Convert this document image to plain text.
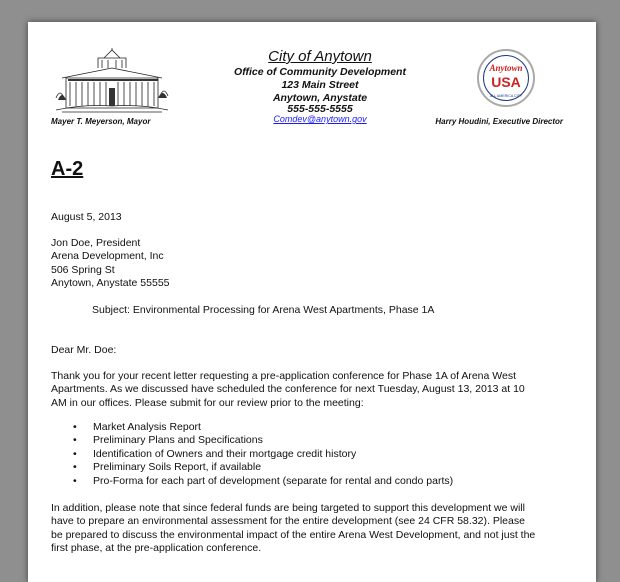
City of Anytown
Office of Community Development
123 Main Street
Anytown, Anystate
555-555-5555
Comdev@anytown.gov
Mayer T. Meyerson, Mayor	Harry Houdini, Executive Director
Anytown
USA
ALL AMERICA CITY
A-2
August 5, 2013
Jon Doe, President
Arena Development, Inc
506 Spring St
Anytown, Anystate 55555
Subject: Environmental Processing for Arena West Apartments, Phase 1A
Dear Mr. Doe:
Thank you for your recent letter requesting a pre-application conference for Phase 1A of Arena West
Apartments. As we discussed have scheduled the conference for next Tuesday, August 13, 2013 at 10
AM in our offices. Please submit for our review prior to the meeting:
• Market Analysis Report
• Preliminary Plans and Specifications
• Identification of Owners and their mortgage credit history
• Preliminary Soils Report, if available
• Pro-Forma for each part of development (separate for rental and condo parts)
In addition, please note that since federal funds are being targeted to support this development we will
have to prepare an environmental assessment for the entire development (see 24 CFR 58.32). Please
be prepared to discuss the environmental impact of the entire Arena West Development, and not just the
first phase, at the pre-application conference.
